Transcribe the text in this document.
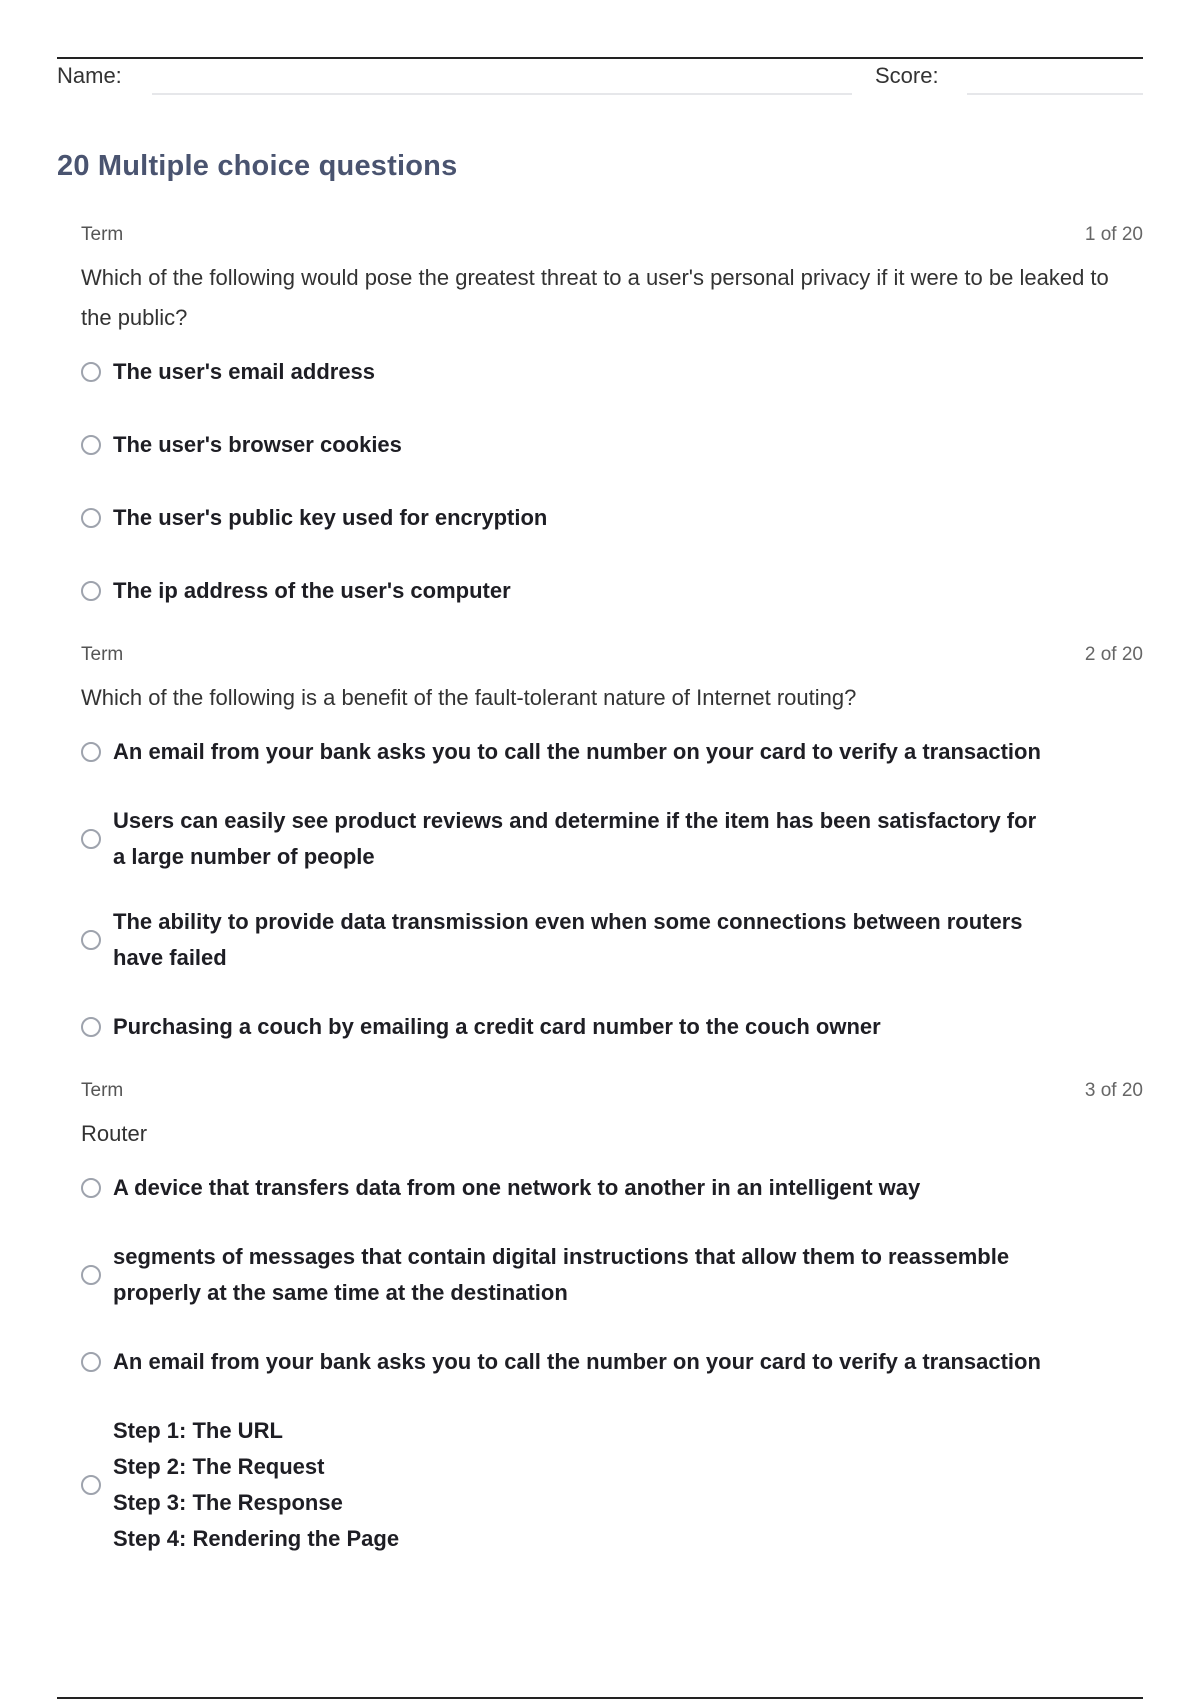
Name:	Score:
20 Multiple choice questions
Term	1 of 20
Which of the following would pose the greatest threat to a user's personal privacy if it were to be leaked to the public?
The user's email address
The user's browser cookies
The user's public key used for encryption
The ip address of the user's computer
Term	2 of 20
Which of the following is a benefit of the fault-tolerant nature of Internet routing?
An email from your bank asks you to call the number on your card to verify a transaction
Users can easily see product reviews and determine if the item has been satisfactory for
a large number of people
The ability to provide data transmission even when some connections between routers
have failed
Purchasing a couch by emailing a credit card number to the couch owner
Term	3 of 20
Router
A device that transfers data from one network to another in an intelligent way
segments of messages that contain digital instructions that allow them to reassemble
properly at the same time at the destination
An email from your bank asks you to call the number on your card to verify a transaction
Step 1: The URL
Step 2: The Request
Step 3: The Response
Step 4: Rendering the Page
